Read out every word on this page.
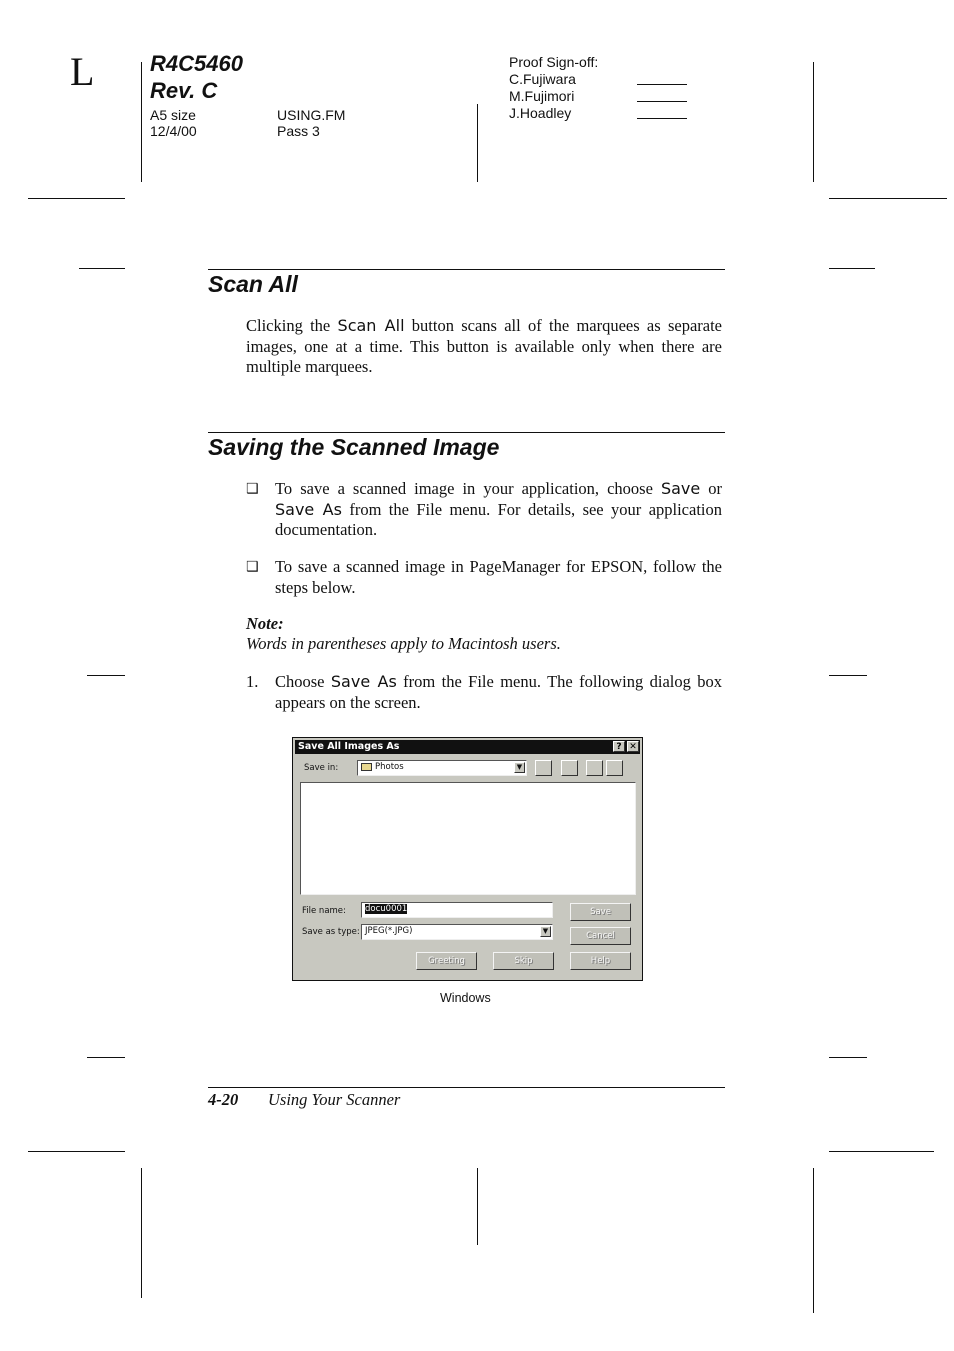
L	R4C5460
Rev. C
A5 size
12/4/00
USING.FM
Pass 3
Proof Sign-off:
C.Fujiwara
M.Fujimori
J.Hoadley
Scan All
Clicking the Scan All button scans all of the marquees as separate images, one at a time. This button is available only when there are multiple marquees.
Saving the Scanned Image
❑ To save a scanned image in your application, choose Save or Save As from the File menu. For details, see your application documentation.
❑ To save a scanned image in PageManager for EPSON, follow the steps below.
Note:
Words in parentheses apply to Macintosh users.
1. Choose Save As from the File menu. The following dialog box appears on the screen.
Save All Images As	? ✕
Save in:	Photos	▼
File name:	docu0001
Save as type: JPEG(*.JPG)	▼
Save
Cancel
Greeting	Skip	Help
Windows
4-20 Using Your Scanner
